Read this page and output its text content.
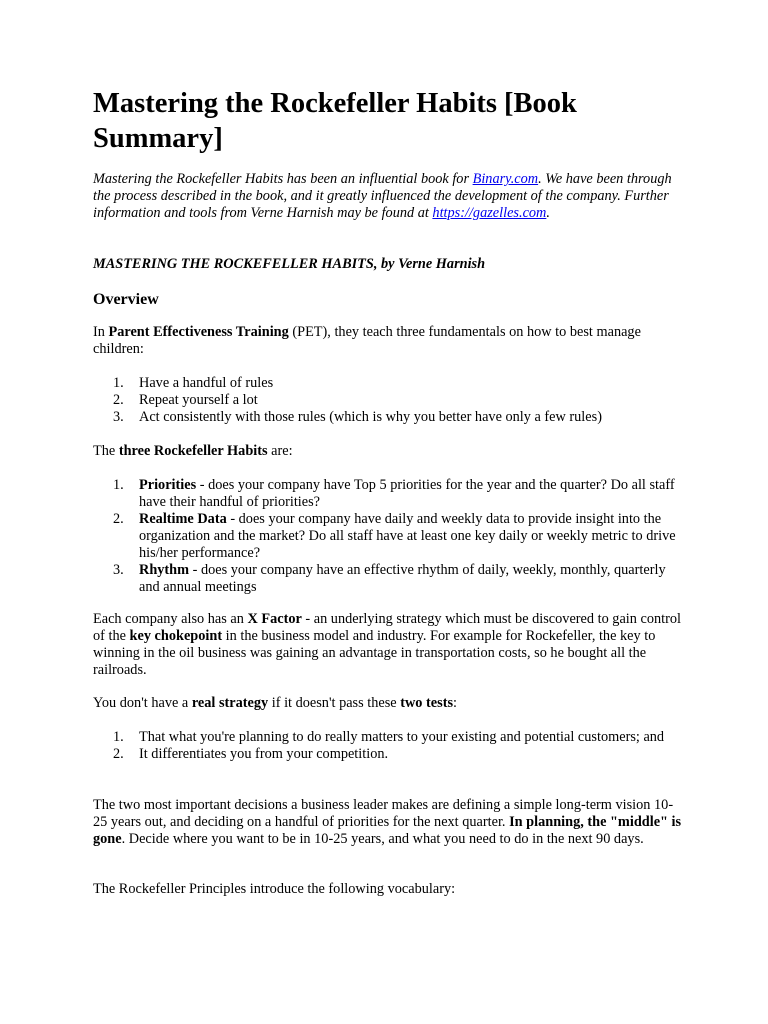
Mastering the Rockefeller Habits [Book Summary]

Mastering the Rockefeller Habits has been an influential book for Binary.com. We have been through the process described in the book, and it greatly influenced the development of the company. Further information and tools from Verne Harnish may be found at https://gazelles.com.

MASTERING THE ROCKEFELLER HABITS, by Verne Harnish

Overview

In Parent Effectiveness Training (PET), they teach three fundamentals on how to best manage children:

1. Have a handful of rules
2. Repeat yourself a lot
3. Act consistently with those rules (which is why you better have only a few rules)

The three Rockefeller Habits are:

1. Priorities - does your company have Top 5 priorities for the year and the quarter? Do all staff have their handful of priorities?
2. Realtime Data - does your company have daily and weekly data to provide insight into the organization and the market? Do all staff have at least one key daily or weekly metric to drive his/her performance?
3. Rhythm - does your company have an effective rhythm of daily, weekly, monthly, quarterly and annual meetings

Each company also has an X Factor - an underlying strategy which must be discovered to gain control of the key chokepoint in the business model and industry. For example for Rockefeller, the key to winning in the oil business was gaining an advantage in transportation costs, so he bought all the railroads.

You don't have a real strategy if it doesn't pass these two tests:

1. That what you're planning to do really matters to your existing and potential customers; and
2. It differentiates you from your competition.

The two most important decisions a business leader makes are defining a simple long-term vision 10-25 years out, and deciding on a handful of priorities for the next quarter. In planning, the "middle" is gone. Decide where you want to be in 10-25 years, and what you need to do in the next 90 days.

The Rockefeller Principles introduce the following vocabulary:
